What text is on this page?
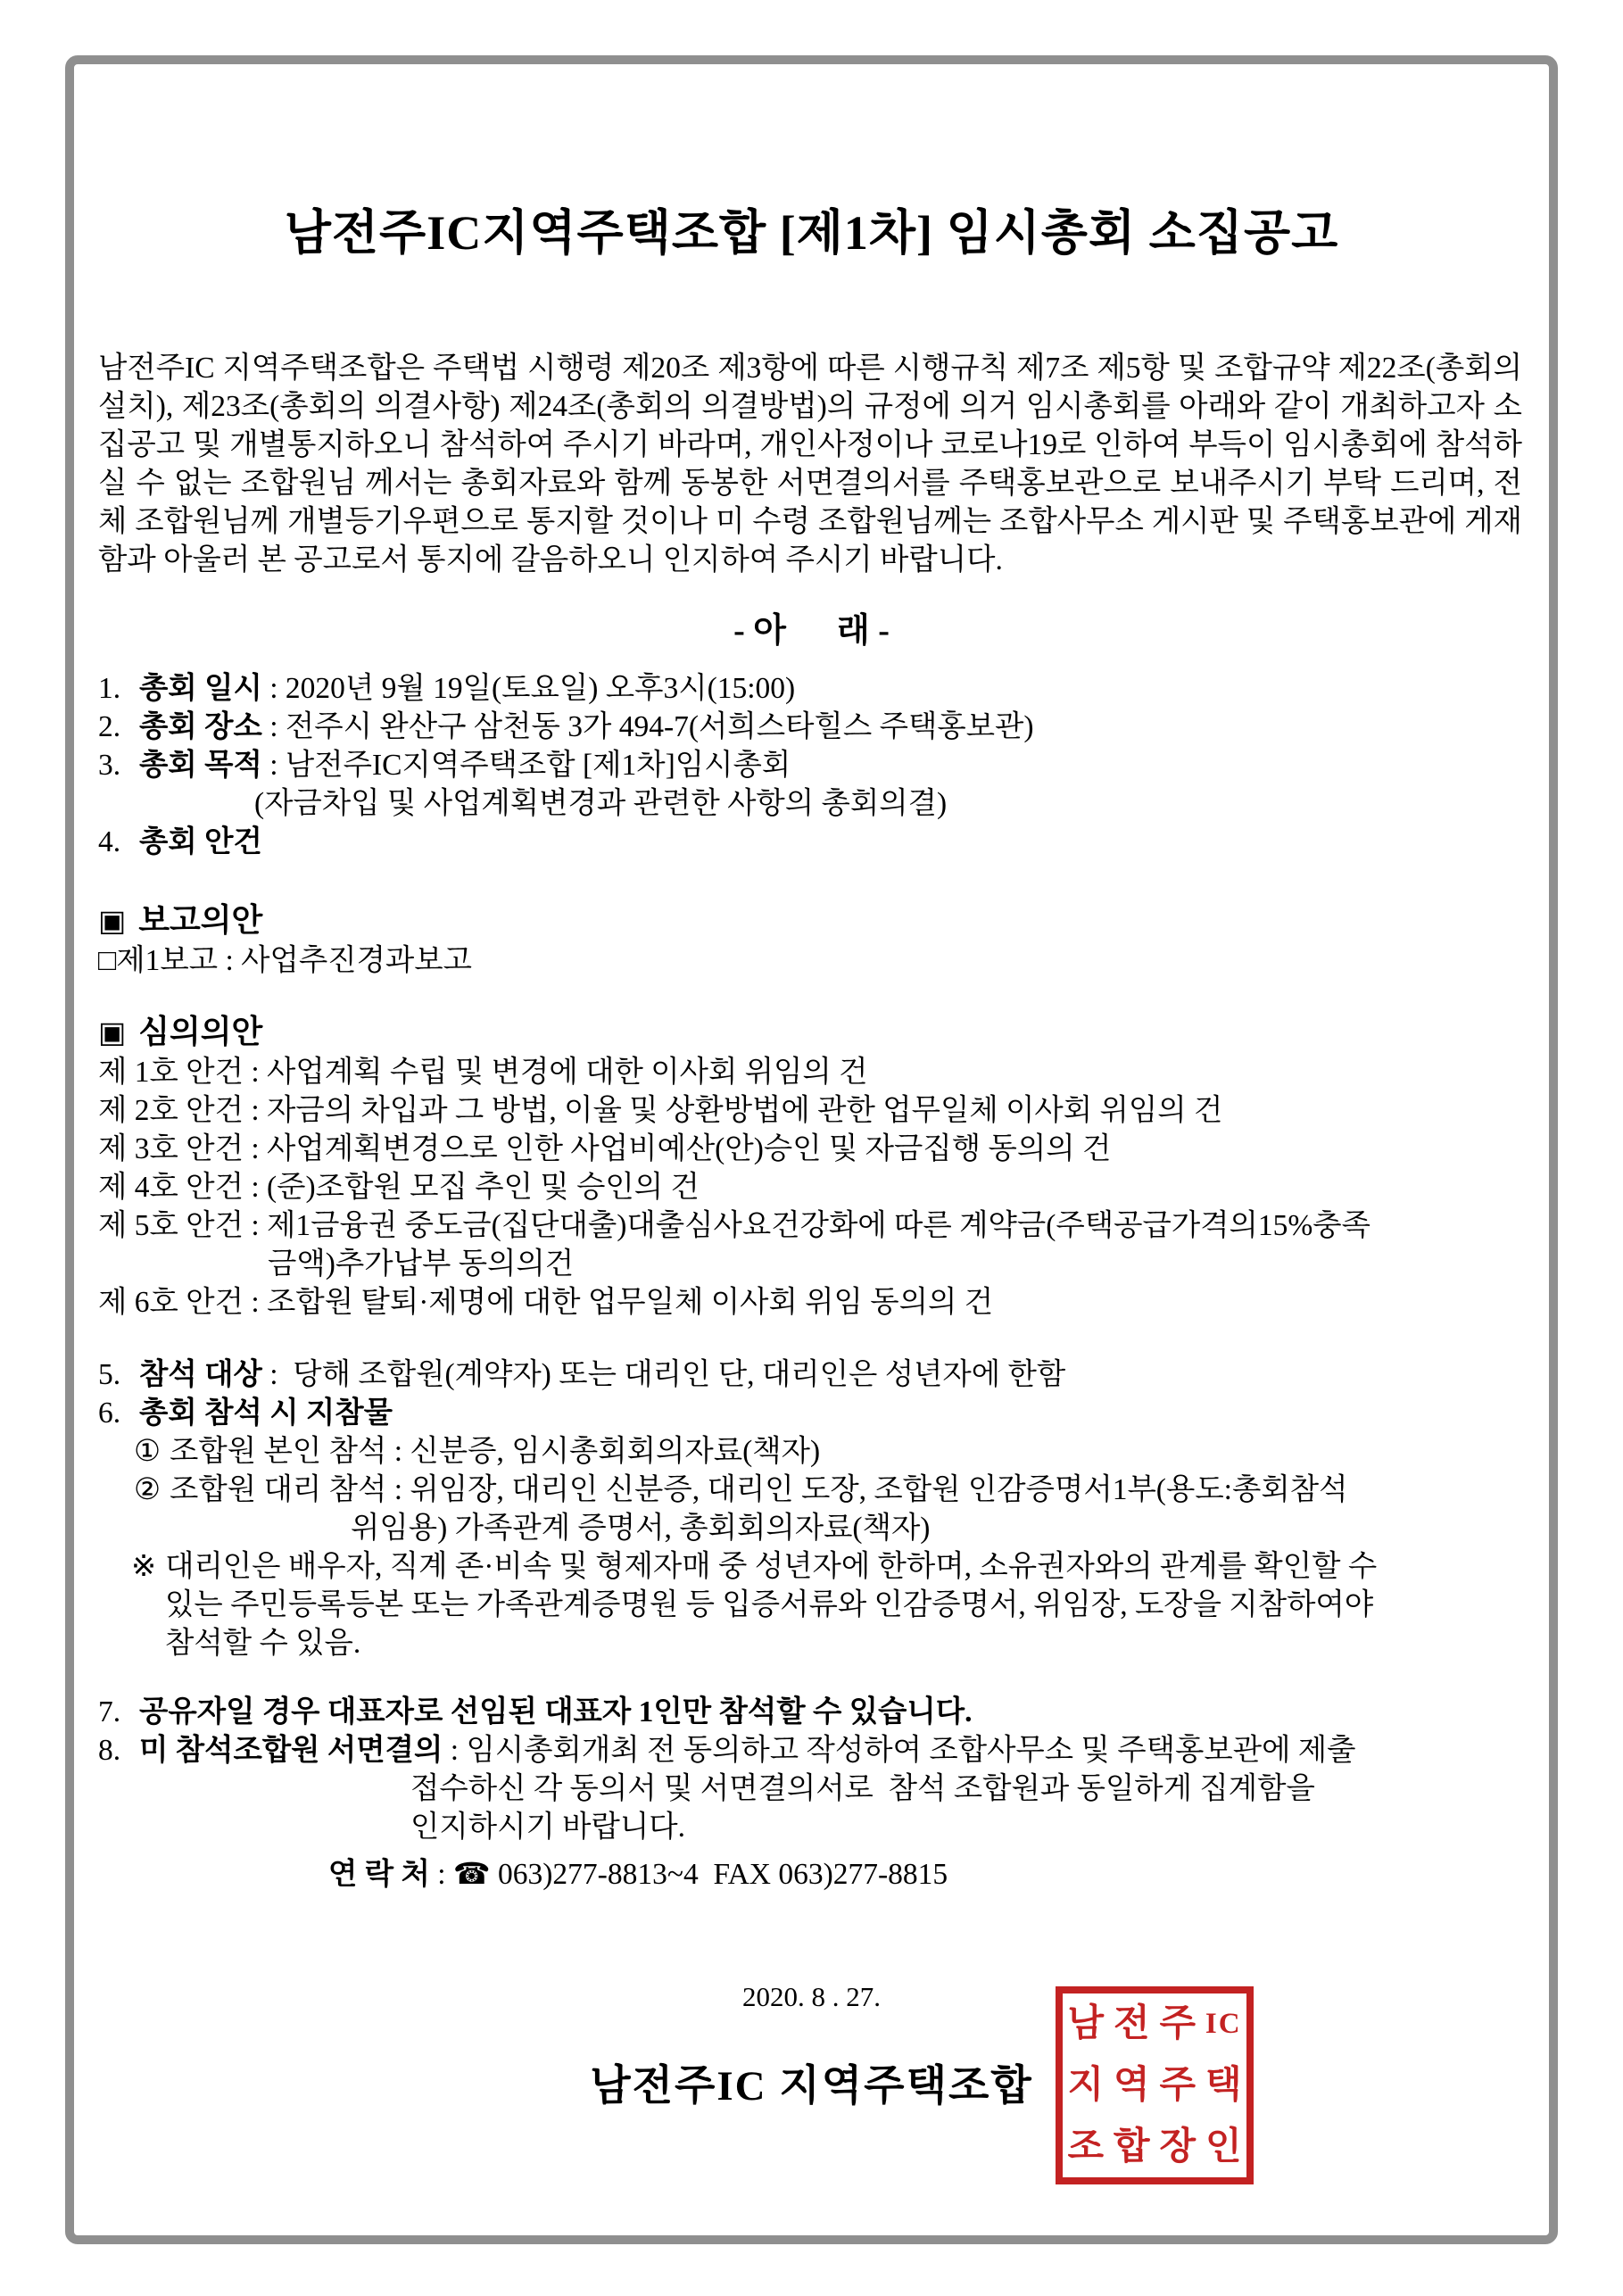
남전주IC지역주택조합 [제1차] 임시총회 소집공고

남전주IC 지역주택조합은 주택법 시행령 제20조 제3항에 따른 시행규칙 제7조 제5항 및 조합규약 제22조(총회의 설치), 제23조(총회의 의결사항) 제24조(총회의 의결방법)의 규정에 의거 임시총회를 아래와 같이 개최하고자 소집공고 및 개별통지하오니 참석하여 주시기 바라며, 개인사정이나 코로나19로 인하여 부득이 임시총회에 참석하실 수 없는 조합원님 께서는 총회자료와 함께 동봉한 서면결의서를 주택홍보관으로 보내주시기 부탁 드리며, 전체 조합원님께 개별등기우편으로 통지할 것이나 미 수령 조합원님께는 조합사무소 게시판 및 주택홍보관에 게재함과 아울러 본 공고로서 통지에 갈음하오니 인지하여 주시기 바랍니다.

- 아      래 -
1. 총회 일시 : 2020년 9월 19일(토요일) 오후3시(15:00)
2. 총회 장소 : 전주시 완산구 삼천동 3가 494-7(서희스타힐스 주택홍보관)
3. 총회 목적 : 남전주IC지역주택조합 [제1차]임시총회
(자금차입 및 사업계획변경과 관련한 사항의 총회의결)
4. 총회 안건
▣ 보고의안
□제1보고 : 사업추진경과보고
▣ 심의의안
제 1호 안건 : 사업계획 수립 및 변경에 대한 이사회 위임의 건
제 2호 안건 : 자금의 차입과 그 방법, 이율 및 상환방법에 관한 업무일체 이사회 위임의 건
제 3호 안건 : 사업계획변경으로 인한 사업비예산(안)승인 및 자금집행 동의의 건
제 4호 안건 : (준)조합원 모집 추인 및 승인의 건
제 5호 안건 : 제1금융권 중도금(집단대출)대출심사요건강화에 따른 계약금(주택공급가격의15%충족
금액)추가납부 동의의건
제 6호 안건 : 조합원 탈퇴·제명에 대한 업무일체 이사회 위임 동의의 건
5. 참석 대상 :  당해 조합원(계약자) 또는 대리인 단, 대리인은 성년자에 한함
6. 총회 참석 시 지참물
① 조합원 본인 참석 : 신분증, 임시총회회의자료(책자)
② 조합원 대리 참석 : 위임장, 대리인 신분증, 대리인 도장, 조합원 인감증명서1부(용도:총회참석
위임용) 가족관계 증명서, 총회회의자료(책자)
※ 대리인은 배우자, 직계 존·비속 및 형제자매 중 성년자에 한하며, 소유권자와의 관계를 확인할 수
있는 주민등록등본 또는 가족관계증명원 등 입증서류와 인감증명서, 위임장, 도장을 지참하여야
참석할 수 있음.
7. 공유자일 경우 대표자로 선임된 대표자 1인만 참석할 수 있습니다.
8. 미 참석조합원 서면결의 : 임시총회개최 전 동의하고 작성하여 조합사무소 및 주택홍보관에 제출
접수하신 각 동의서 및 서면결의서로  참석 조합원과 동일하게 집계함을
인지하시기 바랍니다.
연 락 처 : ☎ 063)277-8813~4  FAX 063)277-8815
2020. 8 . 27.
남전주IC 지역주택조합
남 전 주 IC
지 역 주 택
조 합 장 인
